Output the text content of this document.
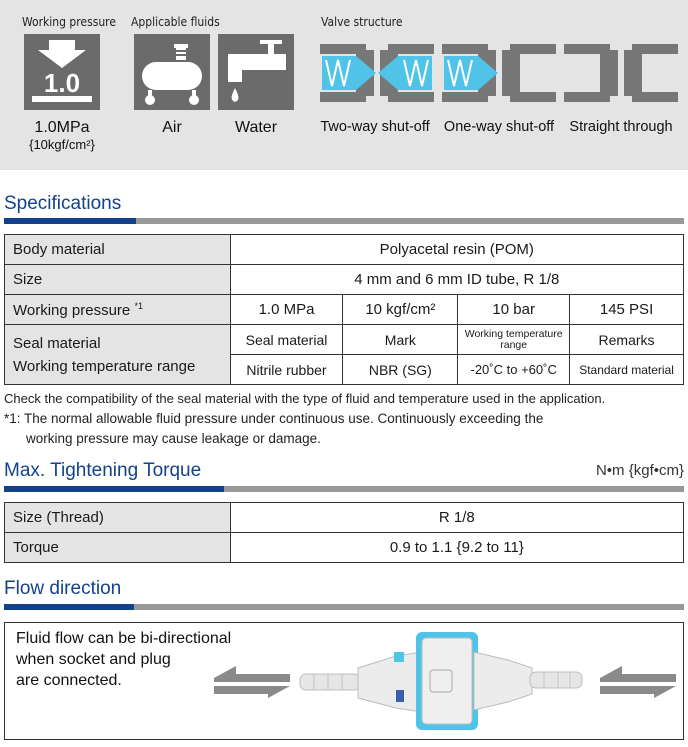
Working pressure Applicable fluids	Valve structure
1.0
1.0MPa
{10kgf/cm²}
Air	Water	Two-way shut-off One-way shut-off	Straight through
Specifications
Body material	Polyacetal resin (POM)			
Size	4 mm and 6 mm ID tube, R 1/8			
Working pressure $^{*1}$	1.0 MPa	10 kgf/cm²	10 bar	145 PSI

Seal material
Working temperature range	Seal material	Mark	Working temperature range	Remarks
	Nitrile rubber	NBR (SG)	-20˚C to +60˚C	Standard material
Check the compatibility of the seal material with the type of fluid and temperature used in the application.
*1: The normal allowable fluid pressure under continuous use. Continuously exceeding the
working pressure may cause leakage or damage.
Max. Tightening Torque	N•m {kgf•cm}
Size (Thread)	R 1/8
Torque	0.9 to 1.1 {9.2 to 11}
Flow direction
Fluid flow can be bi-directional
when socket and plug
are connected.
